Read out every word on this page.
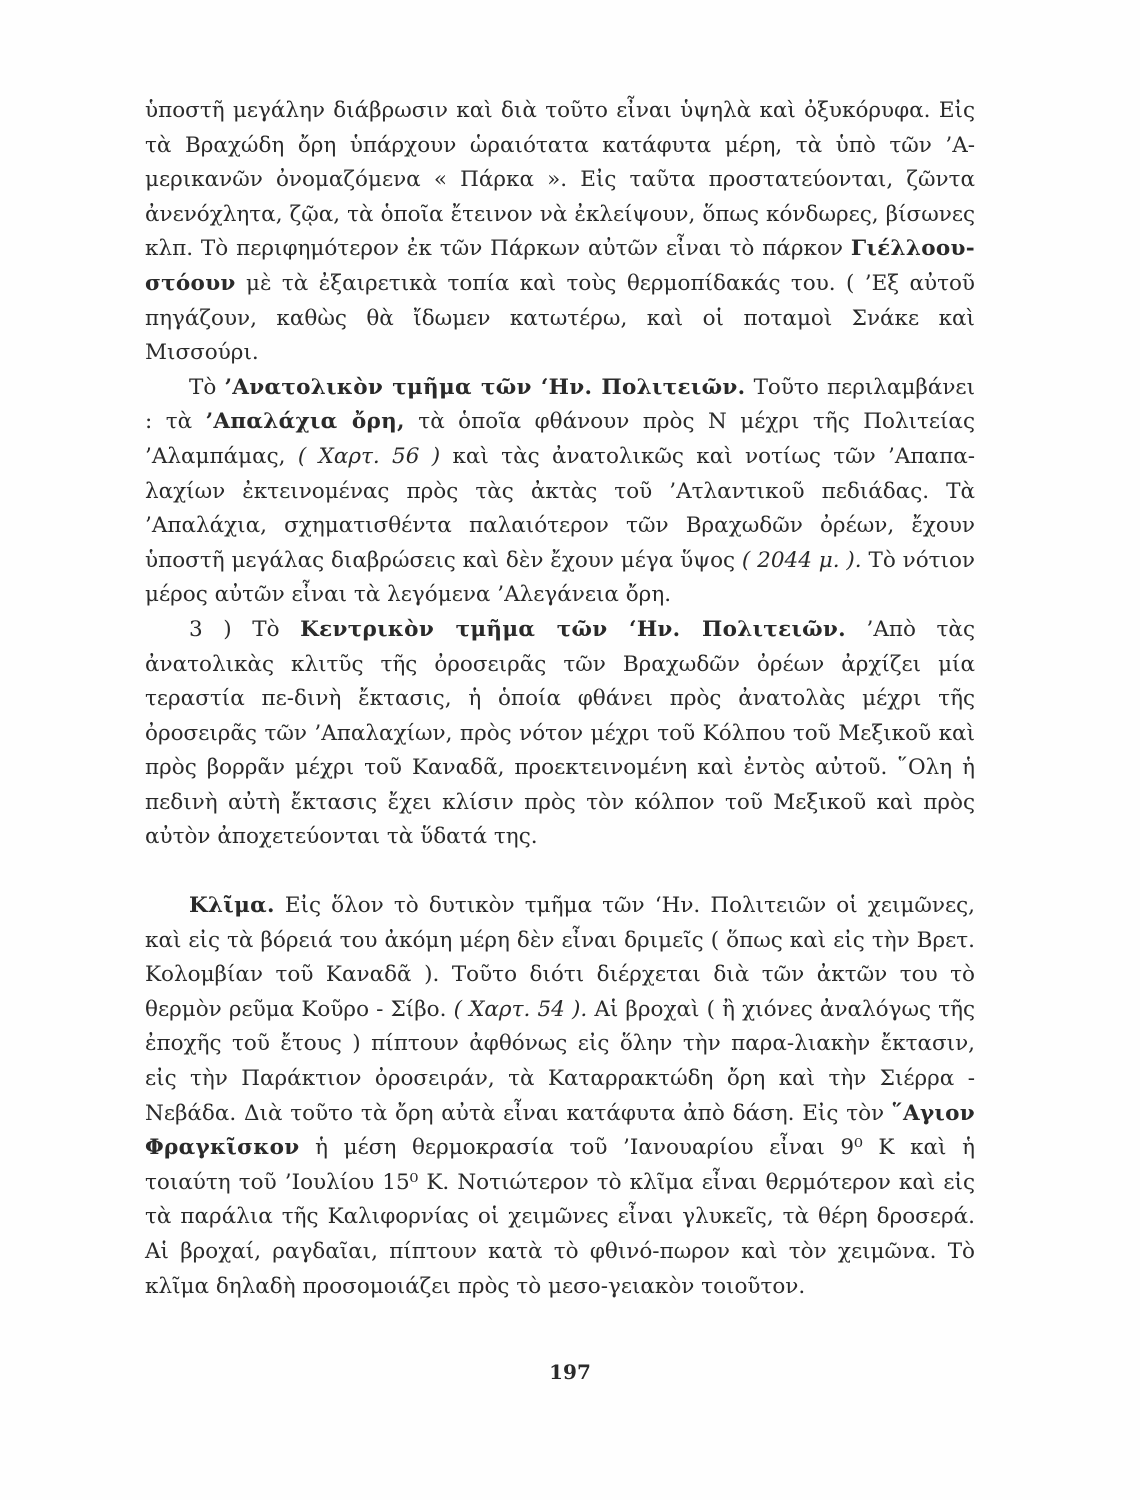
ὑποστῆ μεγάλην διάβρωσιν καὶ διὰ τοῦτο εἶναι ὑψηλὰ καὶ ὀξυκόρυφα. Εἰς τὰ Βραχώδη ὄρη ὑπάρχουν ὡραιότατα κατάφυτα μέρη, τὰ ὑπὸ τῶν ’Α-μερικανῶν ὀνομαζόμενα « Πάρκα ». Εἰς ταῦτα προστατεύονται, ζῶντα ἀνενόχλητα, ζῷα, τὰ ὁποῖα ἔτεινον νὰ ἐκλείψουν, ὅπως κόνδωρες, βίσωνες κλπ. Τὸ περιφημότερον ἐκ τῶν Πάρκων αὐτῶν εἶναι τὸ πάρκον Γιέλλοου-στόουν μὲ τὰ ἐξαιρετικὰ τοπία καὶ τοὺς θερμοπίδακάς του. ( ’Εξ αὐτοῦ πηγάζουν, καθὼς θὰ ἴδωμεν κατωτέρω, καὶ οἱ ποταμοὶ Σνάκε καὶ Μισσούρι.

Τὸ ’Ανατολικὸν τμῆμα τῶν ‘Ην. Πολιτειῶν. Τοῦτο περιλαμβάνει : τὰ ’Απαλάχια ὄρη, τὰ ὁποῖα φθάνουν πρὸς Ν μέχρι τῆς Πολιτείας ’Αλαμπάμας, ( Χαρτ. 56 ) καὶ τὰς ἀνατολικῶς καὶ νοτίως τῶν ’Απαπα-λαχίων ἐκτεινομένας πρὸς τὰς ἀκτὰς τοῦ ’Ατλαντικοῦ πεδιάδας. Τὰ ’Απαλάχια, σχηματισθέντα παλαιότερον τῶν Βραχωδῶν ὀρέων, ἔχουν ὑποστῆ μεγάλας διαβρώσεις καὶ δὲν ἔχουν μέγα ὕψος ( 2044 μ. ). Τὸ νότιον μέρος αὐτῶν εἶναι τὰ λεγόμενα ’Αλεγάνεια ὄρη.

3 ) Τὸ Κεντρικὸν τμῆμα τῶν ‘Ην. Πολιτειῶν. ’Απὸ τὰς ἀνατολικὰς κλιτῦς τῆς ὀροσειρᾶς τῶν Βραχωδῶν ὀρέων ἀρχίζει μία τεραστία πε-δινὴ ἔκτασις, ἡ ὁποία φθάνει πρὸς ἀνατολὰς μέχρι τῆς ὀροσειρᾶς τῶν ’Απαλαχίων, πρὸς νότον μέχρι τοῦ Κόλπου τοῦ Μεξικοῦ καὶ πρὸς βορρᾶν μέχρι τοῦ Καναδᾶ, προεκτεινομένη καὶ ἐντὸς αὐτοῦ. ῞Ολη ἡ πεδινὴ αὐτὴ ἔκτασις ἔχει κλίσιν πρὸς τὸν κόλπον τοῦ Μεξικοῦ καὶ πρὸς αὐτὸν ἀποχετεύονται τὰ ὕδατά της.

Κλῖμα. Εἰς ὅλον τὸ δυτικὸν τμῆμα τῶν ‘Ην. Πολιτειῶν οἱ χειμῶνες, καὶ εἰς τὰ βόρειά του ἀκόμη μέρη δὲν εἶναι δριμεῖς ( ὅπως καὶ εἰς τὴν Βρετ. Κολομβίαν τοῦ Καναδᾶ ). Τοῦτο διότι διέρχεται διὰ τῶν ἀκτῶν του τὸ θερμὸν ρεῦμα Κοῦρο - Σίβο. ( Χαρτ. 54 ). Αἱ βροχαὶ ( ἢ χιόνες ἀναλόγως τῆς ἐποχῆς τοῦ ἔτους ) πίπτουν ἀφθόνως εἰς ὅλην τὴν παρα-λιακὴν ἔκτασιν, εἰς τὴν Παράκτιον ὀροσειράν, τὰ Καταρρακτώδη ὄρη καὶ τὴν Σιέρρα - Νεβάδα. Διὰ τοῦτο τὰ ὄρη αὐτὰ εἶναι κατάφυτα ἀπὸ δάση. Εἰς τὸν ῞Αγιον Φραγκῖσκον ἡ μέση θερμοκρασία τοῦ ’Ιανουαρίου εἶναι 9⁰ Κ καὶ ἡ τοιαύτη τοῦ ’Ιουλίου 15⁰ Κ. Νοτιώτερον τὸ κλῖμα εἶναι θερμότερον καὶ εἰς τὰ παράλια τῆς Καλιφορνίας οἱ χειμῶνες εἶναι γλυκεῖς, τὰ θέρη δροσερά. Αἱ βροχαί, ραγδαῖαι, πίπτουν κατὰ τὸ φθινό-πωρον καὶ τὸν χειμῶνα. Τὸ κλῖμα δηλαδὴ προσομοιάζει πρὸς τὸ μεσο-γειακὸν τοιοῦτον.

197
